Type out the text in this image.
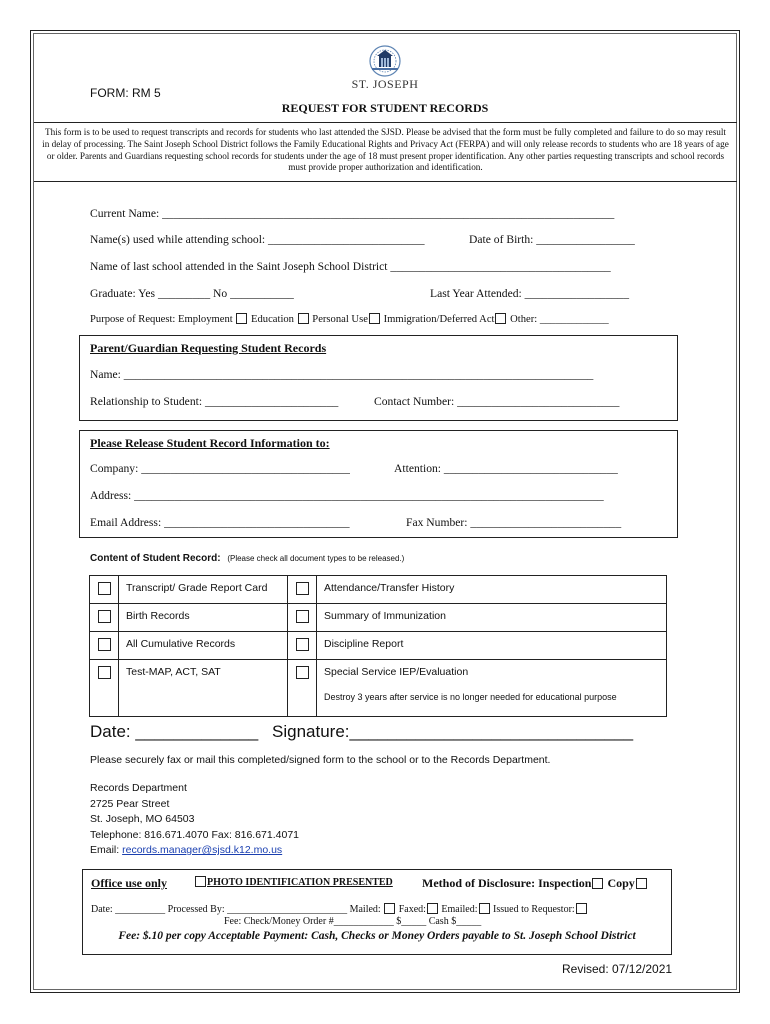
FORM: RM 5
ST. JOSEPH
REQUEST FOR STUDENT RECORDS
This form is to be used to request transcripts and records for students who last attended the SJSD. Please be advised that the form must be fully completed and failure to do so may result in delay of processing. The Saint Joseph School District follows the Family Educational Rights and Privacy Act (FERPA) and will only release records to students who are 18 years of age or older. Parents and Guardians requesting school records for students under the age of 18 must present proper identification. Any other parties requesting transcripts and school records must provide proper authorization and identification.
Current Name: ______________________________________________________________________________
Name(s) used while attending school: ___________________________	Date of Birth: _________________
Name of last school attended in the Saint Joseph School District ______________________________________
Graduate: Yes _________ No ___________	Last Year Attended: __________________
Purpose of Request: Employment Education Personal Use Immigration/Deferred Act Other: _____________
Parent/Guardian Requesting Student Records
Name: _________________________________________________________________________________
Relationship to Student: _______________________	Contact Number: ____________________________
Please Release Student Record Information to:
Company: ____________________________________	Attention: ______________________________
Address: _________________________________________________________________________________
Email Address: ________________________________	Fax Number: __________________________
Content of Student Record: (Please check all document types to be released.)
Transcript/ Grade Report Card	Attendance/Transfer History
Birth Records	Summary of Immunization
All Cumulative Records	Discipline Report
Test-MAP, ACT, SAT	Special Service IEP/Evaluation
Destroy 3 years after service is no longer needed for educational purpose
Date: _____________ Signature:______________________________
Please securely fax or mail this completed/signed form to the school or to the Records Department.
Records Department
2725 Pear Street
St. Joseph, MO 64503
Telephone: 816.671.4070 Fax: 816.671.4071
Email: records.manager@sjsd.k12.mo.us
Office use only	PHOTO IDENTIFICATION PRESENTED Method of Disclosure: Inspection Copy
Date: __________ Processed By: ________________________ Mailed: Faxed: Emailed: Issued to Requestor:
Fee: Check/Money Order #____________ $_____ Cash $_____
Fee: $.10 per copy Acceptable Payment: Cash, Checks or Money Orders payable to St. Joseph School District
Revised: 07/12/2021
